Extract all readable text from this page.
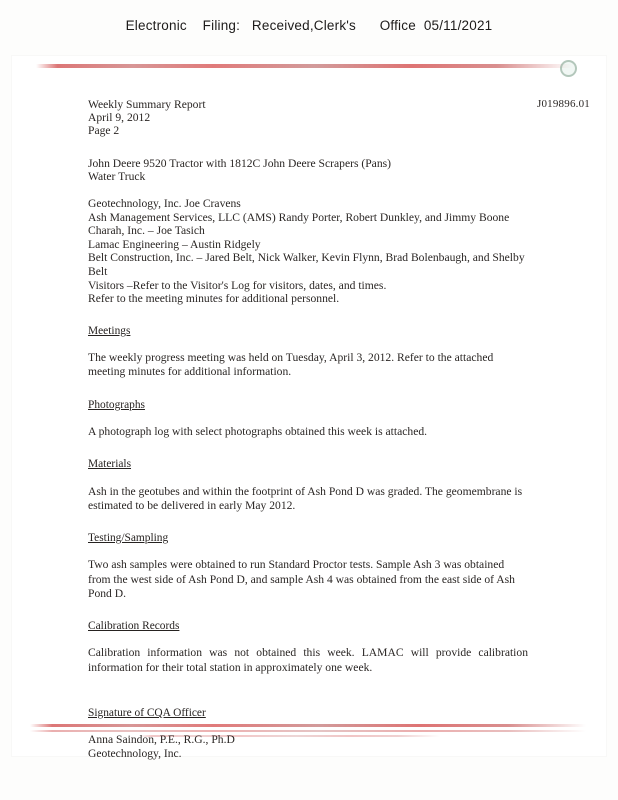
Electronic    Filing:   Received,Clerk's      Office  05/11/2021
Weekly Summary Report	J019896.01
April 9, 2012
Page 2
John Deere 9520 Tractor with 1812C John Deere Scrapers (Pans)
Water Truck
Geotechnology, Inc. Joe Cravens
Ash Management Services, LLC (AMS) Randy Porter, Robert Dunkley, and Jimmy Boone
Charah, Inc. – Joe Tasich
Lamac Engineering – Austin Ridgely
Belt Construction, Inc. – Jared Belt, Nick Walker, Kevin Flynn, Brad Bolenbaugh, and Shelby
Belt
Visitors –Refer to the Visitor's Log for visitors, dates, and times.
Refer to the meeting minutes for additional personnel.
Meetings
The weekly progress meeting was held on Tuesday, April 3, 2012. Refer to the attached meeting minutes for additional information.
Photographs
A photograph log with select photographs obtained this week is attached.
Materials
Ash in the geotubes and within the footprint of Ash Pond D was graded. The geomembrane is estimated to be delivered in early May 2012.
Testing/Sampling
Two ash samples were obtained to run Standard Proctor tests. Sample Ash 3 was obtained from the west side of Ash Pond D, and sample Ash 4 was obtained from the east side of Ash Pond D.
Calibration Records
Calibration information was not obtained this week. LAMAC will provide calibration information for their total station in approximately one week.
Signature of CQA Officer
Anna Saindon, P.E., R.G., Ph.D
Geotechnology, Inc.
